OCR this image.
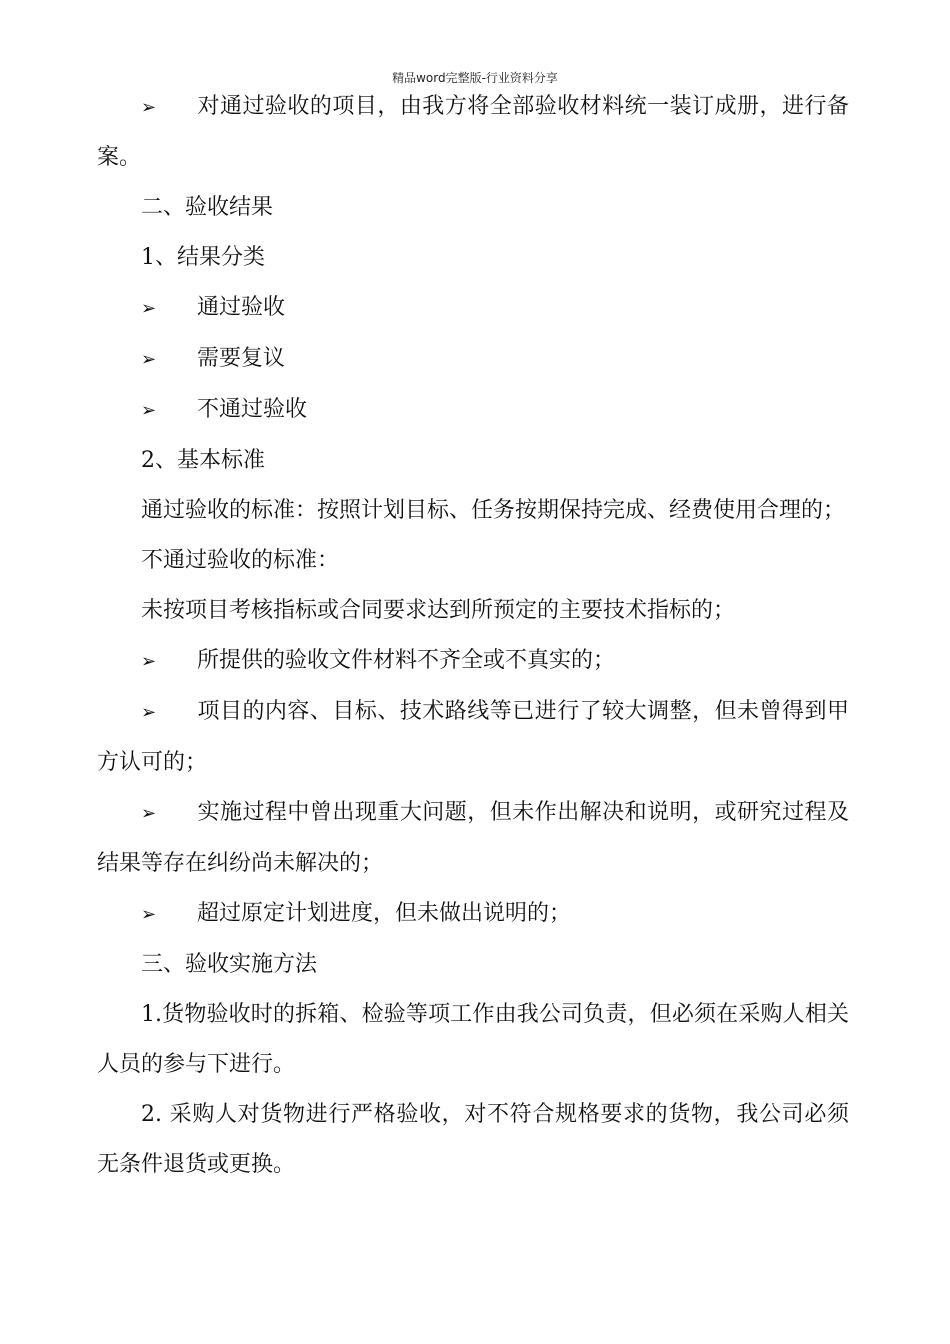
精品word完整版-行业资料分享

➢ 对通过验收的项目，由我方将全部验收材料统一装订成册，进行备案。

二、验收结果

1、结果分类

➢ 通过验收

➢ 需要复议

➢ 不通过验收

2、基本标准

通过验收的标准：按照计划目标、任务按期保持完成、经费使用合理的；

不通过验收的标准：

未按项目考核指标或合同要求达到所预定的主要技术指标的；

➢ 所提供的验收文件材料不齐全或不真实的；

➢ 项目的内容、目标、技术路线等已进行了较大调整，但未曾得到甲方认可的；

➢ 实施过程中曾出现重大问题，但未作出解决和说明，或研究过程及结果等存在纠纷尚未解决的；

➢ 超过原定计划进度，但未做出说明的；

三、验收实施方法

1.货物验收时的拆箱、检验等项工作由我公司负责，但必须在采购人相关人员的参与下进行。

2. 采购人对货物进行严格验收，对不符合规格要求的货物，我公司必须无条件退货或更换。
